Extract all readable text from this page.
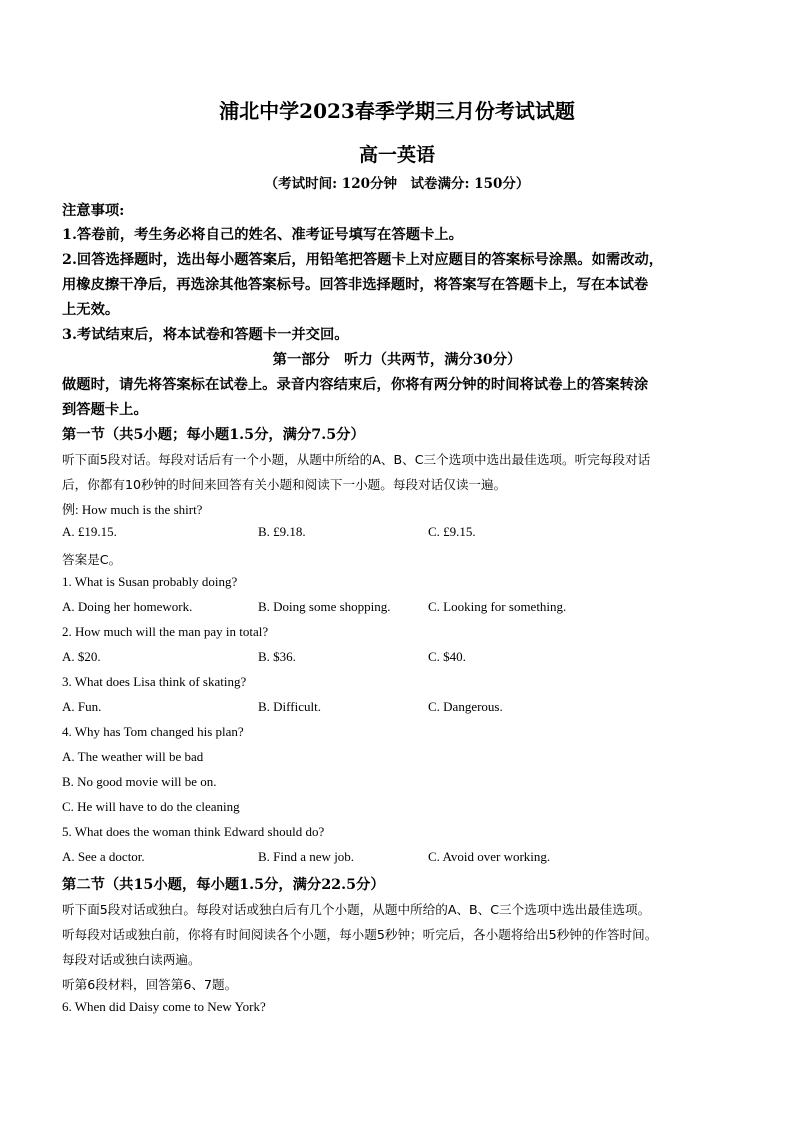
浦北中学2023春季学期三月份考试试题
高一英语
（考试时间: 120分钟　试卷满分: 150分）
注意事项:
1.答卷前，考生务必将自己的姓名、准考证号填写在答题卡上。
2.回答选择题时，选出每小题答案后，用铅笔把答题卡上对应题目的答案标号涂黑。如需改动，
用橡皮擦干净后，再选涂其他答案标号。回答非选择题时，将答案写在答题卡上，写在本试卷
上无效。
3.考试结束后，将本试卷和答题卡一并交回。
第一部分　听力（共两节，满分30分）
做题时，请先将答案标在试卷上。录音内容结束后，你将有两分钟的时间将试卷上的答案转涂
到答题卡上。
第一节（共5小题；每小题1.5分，满分7.5分）
听下面5段对话。每段对话后有一个小题，从题中所给的A、B、C三个选项中选出最佳选项。听完每段对话
后，你都有10秒钟的时间来回答有关小题和阅读下一小题。每段对话仅读一遍。
例: How much is the shirt?
A. £19.15.	B. £9.18.	C. £9.15.
答案是C。
1. What is Susan probably doing?
A. Doing her homework.	B. Doing some shopping.	C. Looking for something.
2. How much will the man pay in total?
A. $20.	B. $36.	C. $40.
3. What does Lisa think of skating?
A. Fun.	B. Difficult.	C. Dangerous.
4. Why has Tom changed his plan?
A. The weather will be bad
B. No good movie will be on.
C. He will have to do the cleaning
5. What does the woman think Edward should do?
A. See a doctor.	B. Find a new job.	C. Avoid over working.
第二节（共15小题，每小题1.5分，满分22.5分）
听下面5段对话或独白。每段对话或独白后有几个小题，从题中所给的A、B、C三个选项中选出最佳选项。
听每段对话或独白前，你将有时间阅读各个小题，每小题5秒钟；听完后，各小题将给出5秒钟的作答时间。
每段对话或独白读两遍。
听第6段材料，回答第6、7题。
6. When did Daisy come to New York?
